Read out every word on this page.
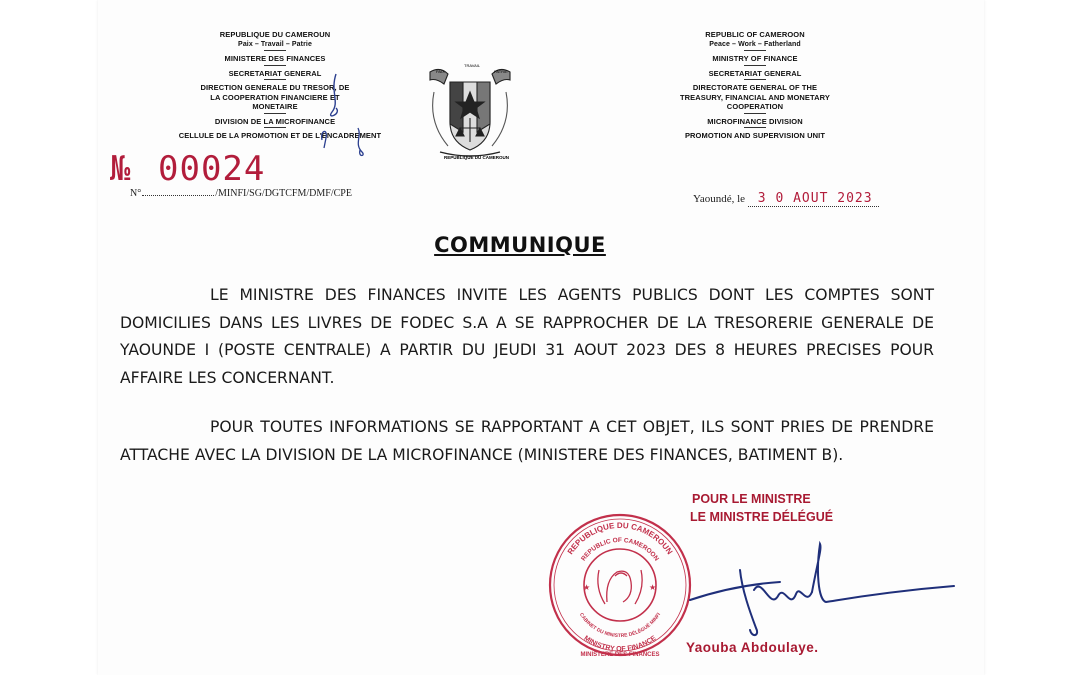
REPUBLIQUE DU CAMEROUN
Paix – Travail – Patrie
MINISTERE DES FINANCES
SECRETARIAT GENERAL
DIRECTION GENERALE DU TRESOR, DE LA COOPERATION FINANCIERE ET MONETAIRE
DIVISION DE LA MICROFINANCE
CELLULE DE LA PROMOTION ET DE L'ENCADREMENT
REPUBLIC OF CAMEROON
Peace – Work – Fatherland
MINISTRY OF FINANCE
SECRETARIAT GENERAL
DIRECTORATE GENERAL OF THE TREASURY, FINANCIAL AND MONETARY COOPERATION
MICROFINANCE DIVISION
PROMOTION AND SUPERVISION UNIT
PAIX
TRAVAIL
PATRIE
REPUBLIQUE DU CAMEROUN
№ 00024
N°	/MINFI/SG/DGTCFM/DMF/CPE	Yaoundé, le 3 0 AOUT 2023
COMMUNIQUE

LE MINISTRE DES FINANCES INVITE LES AGENTS PUBLICS DONT LES COMPTES SONT DOMICILIES DANS LES LIVRES DE FODEC S.A A SE RAPPROCHER DE LA TRESORERIE GENERALE DE YAOUNDE I (POSTE CENTRALE) A PARTIR DU JEUDI 31 AOUT 2023 DES 8 HEURES PRECISES POUR AFFAIRE LES CONCERNANT.

POUR TOUTES INFORMATIONS SE RAPPORTANT A CET OBJET, ILS SONT PRIES DE PRENDRE ATTACHE AVEC LA DIVISION DE LA MICROFINANCE (MINISTERE DES FINANCES, BATIMENT B).

POUR LE MINISTRE
LE MINISTRE DÉLÉGUÉ
REPUBLIQUE DU CAMEROUN
REPUBLIC OF CAMEROON
CABINET DU MINISTRE DÉLÉGUÉ MINFI
MINISTRY OF FINANCE
MINISTERE DES FINANCES
★	★
Yaouba Abdoulaye.
